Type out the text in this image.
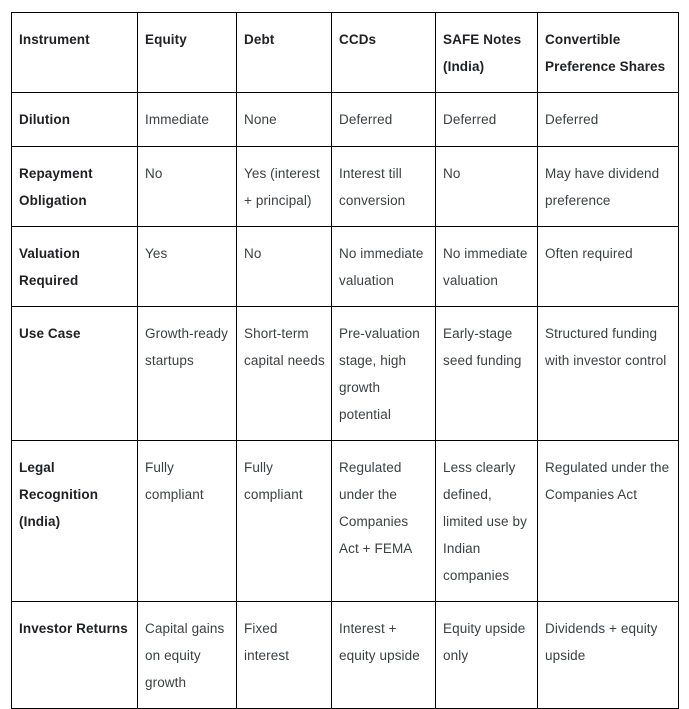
Instrument	Equity	Debt	CCDs	SAFE Notes (India)	Convertible Preference Shares
Dilution	Immediate	None	Deferred	Deferred	Deferred
Repayment Obligation	No	Yes (interest + principal)	Interest till conversion	No	May have dividend preference
Valuation Required	Yes	No	No immediate valuation	No immediate valuation	Often required
Use Case	Growth-ready startups	Short-term capital needs	Pre-valuation stage, high growth potential	Early-stage seed funding	Structured funding with investor control
Legal Recognition (India)	Fully compliant	Fully compliant	Regulated under the Companies Act + FEMA	Less clearly defined, limited use by Indian companies	Regulated under the Companies Act
Investor Returns	Capital gains on equity growth	Fixed interest	Interest + equity upside	Equity upside only	Dividends + equity upside
